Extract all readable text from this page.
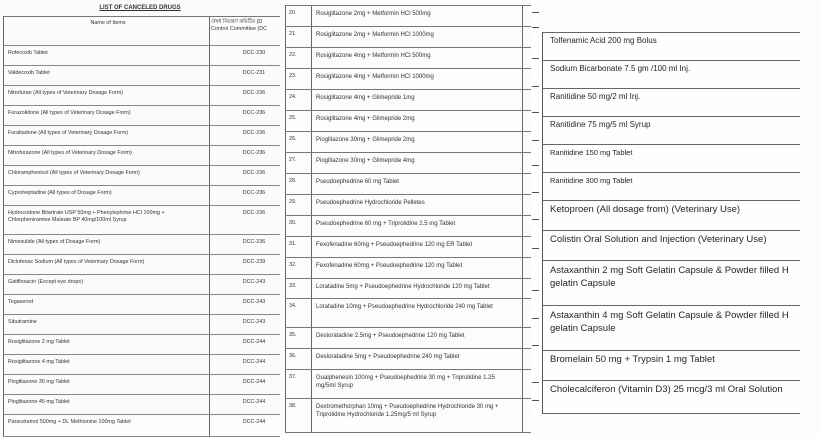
LIST OF CANCELED DRUGS
Name of Items	ঔষধ নিয়ন্ত্রণ কমিটির (D
Control Committee (DC
Rofecoxib Tablet	DCC-230
Valdecoxib Tablet	DCC-231
Nitrofuran (All types of Veterinary Dosage Form)	DCC-236
Furazolidone (All types of Veterinary Dosage Form)	DCC-236
Furaltadone (All types of Veterinary Dosage Form)	DCC-236
Nitrofurazone (All types of Veterinary Dosage Form)	DCC-236
Chloramphenicol (All types of Veterinary Dosage Form)	DCC-236
Cyproheptadine (All types of Dosage Form)	DCC-236
Hydrocodone Bitartrate USP 50mg + Phenylephrine HCl 100mg + Chlorpheniramine Maleate BP 40mg/100ml Syrup
DCC-236
Nimesulide (All types of Dosage Form)	DCC-236
Diclofenac Sodium (All types of Veterinary Dosage Form)	DCC-239
Gatifloxacin (Except eye drops)	DCC-243
Tegaserod	DCC-243
Sibutramine	DCC-243
Rosiglitazone 2 mg Tablet	DCC-244
Rosiglitazone 4 mg Tablet	DCC-244
Pioglitazone 30 mg Tablet	DCC-244
Pioglitazone 45 mg Tablet	DCC-244
Paracetamol 500mg + DL Methionine 100mg Tablet	DCC-244
20.	Rosiglitazone 2mg + Metformin HCl 500mg
21.	Rosiglitazone 2mg + Metformin HCl 1000mg
22.	Rosiglitazone 4mg + Metformin HCl 500mg
23.	Rosiglitazone 4mg + Metformin HCl 1000mg
24.	Rosiglitazone 4mg + Glimepride 1mg
25.	Rosiglitazone 4mg + Glimepride 2mg
26.	Pioglitazone 30mg + Glimepride 2mg
27.	Pioglitazone 30mg + Glimepride 4mg
28.	Pseudoephedrine 60 mg Tablet
29.	Pseudoephedrine Hydrochloride Pelletes
30.	Pseudoephedrine 60 mg + Triprolidine 2.5 mg Tablet
31.	Fexofenadine 60mg + Pseudoephedrine 120 mg ER Tablet
32.	Fexofenadine 60mg + Pseudoephedrine 120 mg Tablet
33.	Loratadine 5mg + Pseudoephedrine Hydrochloride 120 mg Tablet
34.	Loratadine 10mg + Pseudoephedrine Hydrochloride 240 mg Tablet
35.	Desloratadine 2.5mg + Pseudoephedrine 120 mg Tablet
36.	Desloratadine 5mg + Pseudoephedrine 240 mg Tablet
37.	Guaiphenesin 100mg + Pseudoephedrine 30 mg + Triprolidine 1.25 mg/5ml Syrup
38.	Dextromethorphan 10mg + Pseudoephedrine Hydrochloride 30 mg + Triprolidine Hydrochloride 1.25mg/5 ml Syrup
Tolfenamic Acid 200 mg Bolus
Sodium Bicarbonate 7.5 gm /100 ml Inj.
Ranitidine 50 mg/2 ml Inj.
Ranitidine 75 mg/5 ml Syrup
Ranitidine 150 mg Tablet
Ranitidine 300 mg Tablet
Ketoproen (All dosage from) (Veterinary Use)
Colistin Oral Solution and Injection (Veterinary Use)
Astaxanthin 2 mg Soft Gelatin Capsule & Powder filled H gelatin Capsule
Astaxanthin 4 mg Soft Gelatin Capsule & Powder filled H gelatin Capsule
Bromelain 50 mg + Trypsin 1 mg Tablet
Cholecalciferon (Vitamin D3) 25 mcg/3 ml Oral Solution
